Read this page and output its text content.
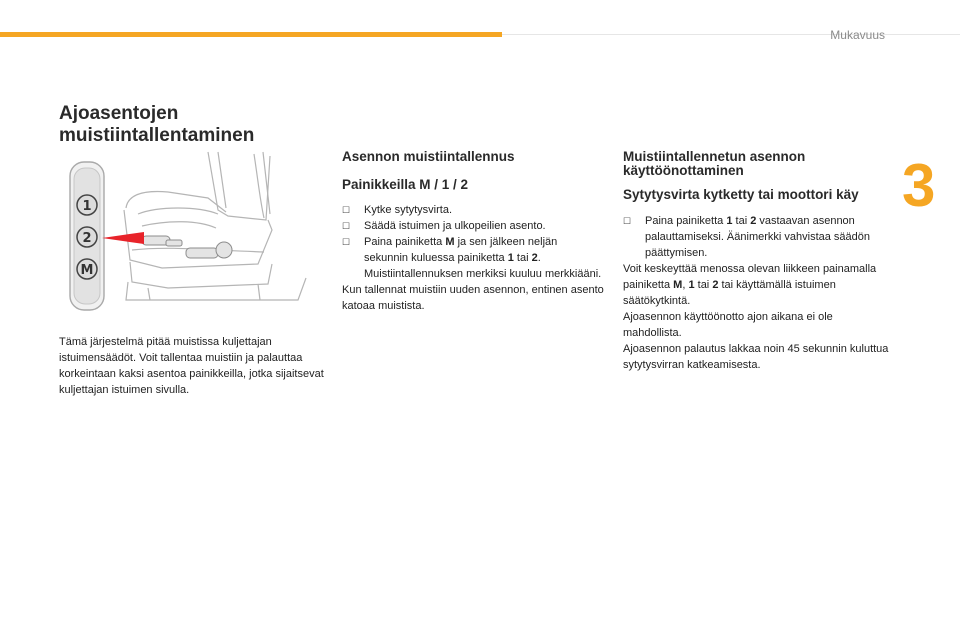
Mukavuus
3
Ajoasentojen muistiintallentaminen
1
2
M

Tämä järjestelmä pitää muistissa kuljettajan istuimensäädöt. Voit tallentaa muistiin ja palauttaa korkeintaan kaksi asentoa painikkeilla, jotka sijaitsevat kuljettajan istuimen sivulla.

Asennon muistiintallennus
Painikkeilla M / 1 / 2
☐ Kytke sytytysvirta.
☐ Säädä istuimen ja ulkopeilien asento.
☐ Paina painiketta M ja sen jälkeen neljän sekunnin kuluessa painiketta 1 tai 2. Muistiintallennuksen merkiksi kuuluu merkkiääni.

Kun tallennat muistiin uuden asennon, entinen asento katoaa muistista.

Muistiintallennetun asennon käyttöönottaminen
Sytytysvirta kytketty tai moottori käy
☐ Paina painiketta 1 tai 2 vastaavan asennon palauttamiseksi. Äänimerkki vahvistaa säädön päättymisen.

Voit keskeyttää menossa olevan liikkeen painamalla painiketta M, 1 tai 2 tai käyttämällä istuimen säätökytkintä.

Ajoasennon käyttöönotto ajon aikana ei ole mahdollista.

Ajoasennon palautus lakkaa noin 45 sekunnin kuluttua sytytysvirran katkeamisesta.
